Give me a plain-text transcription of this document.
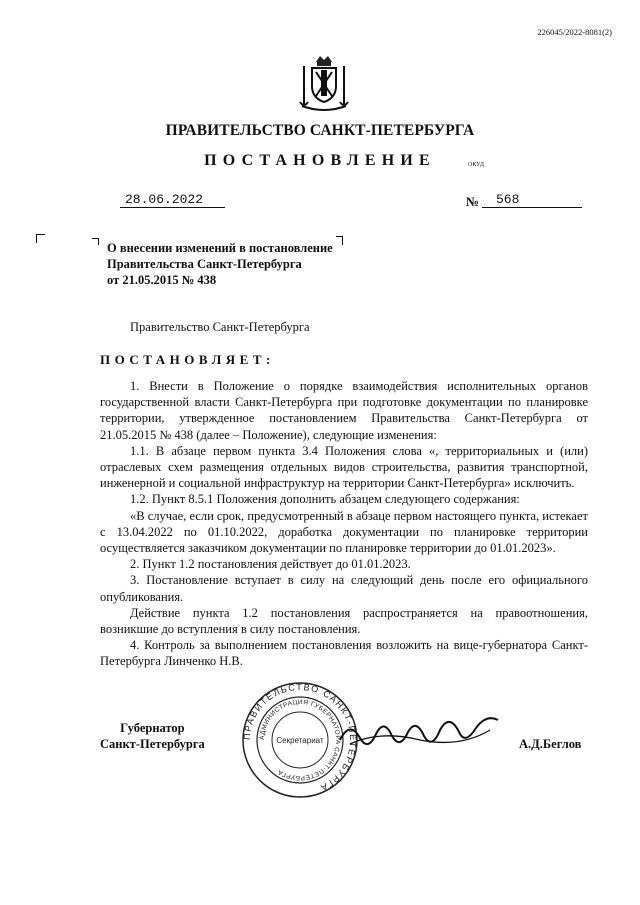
226045/2022-8081(2)
ПРАВИТЕЛЬСТВО САНКТ-ПЕТЕРБУРГА
ПОСТАНОВЛЕНИЕ	ОКУД
28.06.2022	№	568
О внесении изменений в постановление
Правительства Санкт-Петербурга
от 21.05.2015 № 438
Правительство Санкт-Петербурга
ПОСТАНОВЛЯЕТ:

1. Внести в Положение о порядке взаимодействия исполнительных органов государственной власти Санкт-Петербурга при подготовке документации по планировке территории, утвержденное постановлением Правительства Санкт-Петербурга от 21.05.2015 № 438 (далее – Положение), следующие изменения:

1.1. В абзаце первом пункта 3.4 Положения слова «, территориальных и (или) отраслевых схем размещения отдельных видов строительства, развития транспортной, инженерной и социальной инфраструктур на территории Санкт-Петербурга» исключить.

1.2. Пункт 8.5.1 Положения дополнить абзацем следующего содержания:

«В случае, если срок, предусмотренный в абзаце первом настоящего пункта, истекает с 13.04.2022 по 01.10.2022, доработка документации по планировке территории осуществляется заказчиком документации по планировке территории до 01.01.2023».

2. Пункт 1.2 постановления действует до 01.01.2023.

3. Постановление вступает в силу на следующий день после его официального опубликования.

Действие пункта 1.2 постановления распространяется на правоотношения, возникшие до вступления в силу постановления.

4. Контроль за выполнением постановления возложить на вице-губернатора Санкт-Петербурга Линченко Н.В.

Губернатор
Санкт-Петербурга
ПРАВИТЕЛЬСТВО САНКТ-ПЕТЕРБУРГА
АДМИНИСТРАЦИЯ ГУБЕРНАТОРА САНКТ-ПЕТЕРБУРГА
Секретариат	А.Д.Беглов
